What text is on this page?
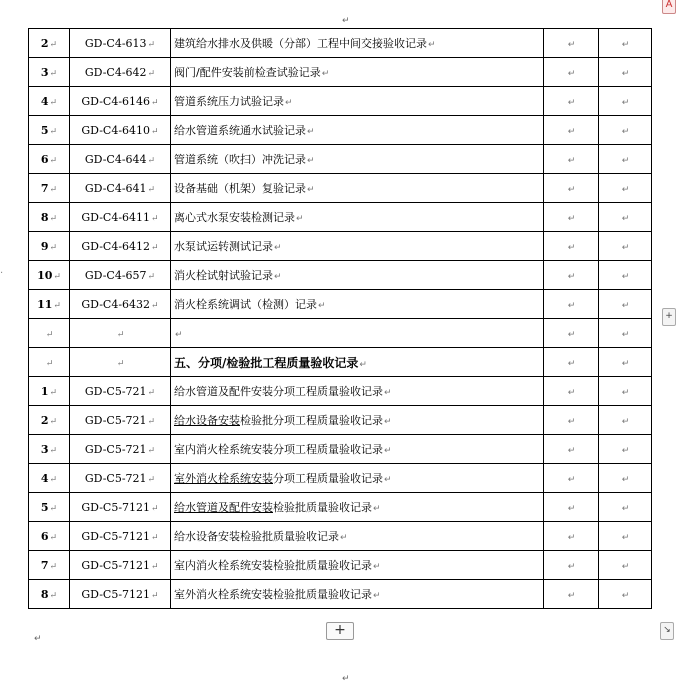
A
↵
·
+
↘
2↵	GD-C4-613↵	建筑给水排水及供暖（分部）工程中间交接验收记录↵	↵	↵
3↵	GD-C4-642↵	阀门/配件安装前检查试验记录↵	↵	↵
4↵	GD-C4-6146↵	管道系统压力试验记录↵	↵	↵
5↵	GD-C4-6410↵	给水管道系统通水试验记录↵	↵	↵
6↵	GD-C4-644↵	管道系统（吹扫）冲洗记录↵	↵	↵
7↵	GD-C4-641↵	设备基础（机架）复验记录↵	↵	↵
8↵	GD-C4-6411↵	离心式水泵安装检测记录↵	↵	↵
9↵	GD-C4-6412↵	水泵试运转测试记录↵	↵	↵
10↵	GD-C4-657↵	消火栓试射试验记录↵	↵	↵
11↵	GD-C4-6432↵	消火栓系统调试（检测）记录↵	↵	↵
↵	↵	↵	↵	↵
↵	↵	五、分项/检验批工程质量验收记录↵	↵	↵
1↵	GD-C5-721↵	给水管道及配件安装分项工程质量验收记录↵	↵	↵
2↵	GD-C5-721↵	给水设备安装检验批分项工程质量验收记录↵	↵	↵
3↵	GD-C5-721↵	室内消火栓系统安装分项工程质量验收记录↵	↵	↵
4↵	GD-C5-721↵	室外消火栓系统安装分项工程质量验收记录↵	↵	↵
5↵	GD-C5-7121↵	给水管道及配件安装检验批质量验收记录↵	↵	↵
6↵	GD-C5-7121↵	给水设备安装检验批质量验收记录↵	↵	↵
7↵	GD-C5-7121↵	室内消火栓系统安装检验批质量验收记录↵	↵	↵
8↵	GD-C5-7121↵	室外消火栓系统安装检验批质量验收记录↵	↵	↵
+
↵
↵
